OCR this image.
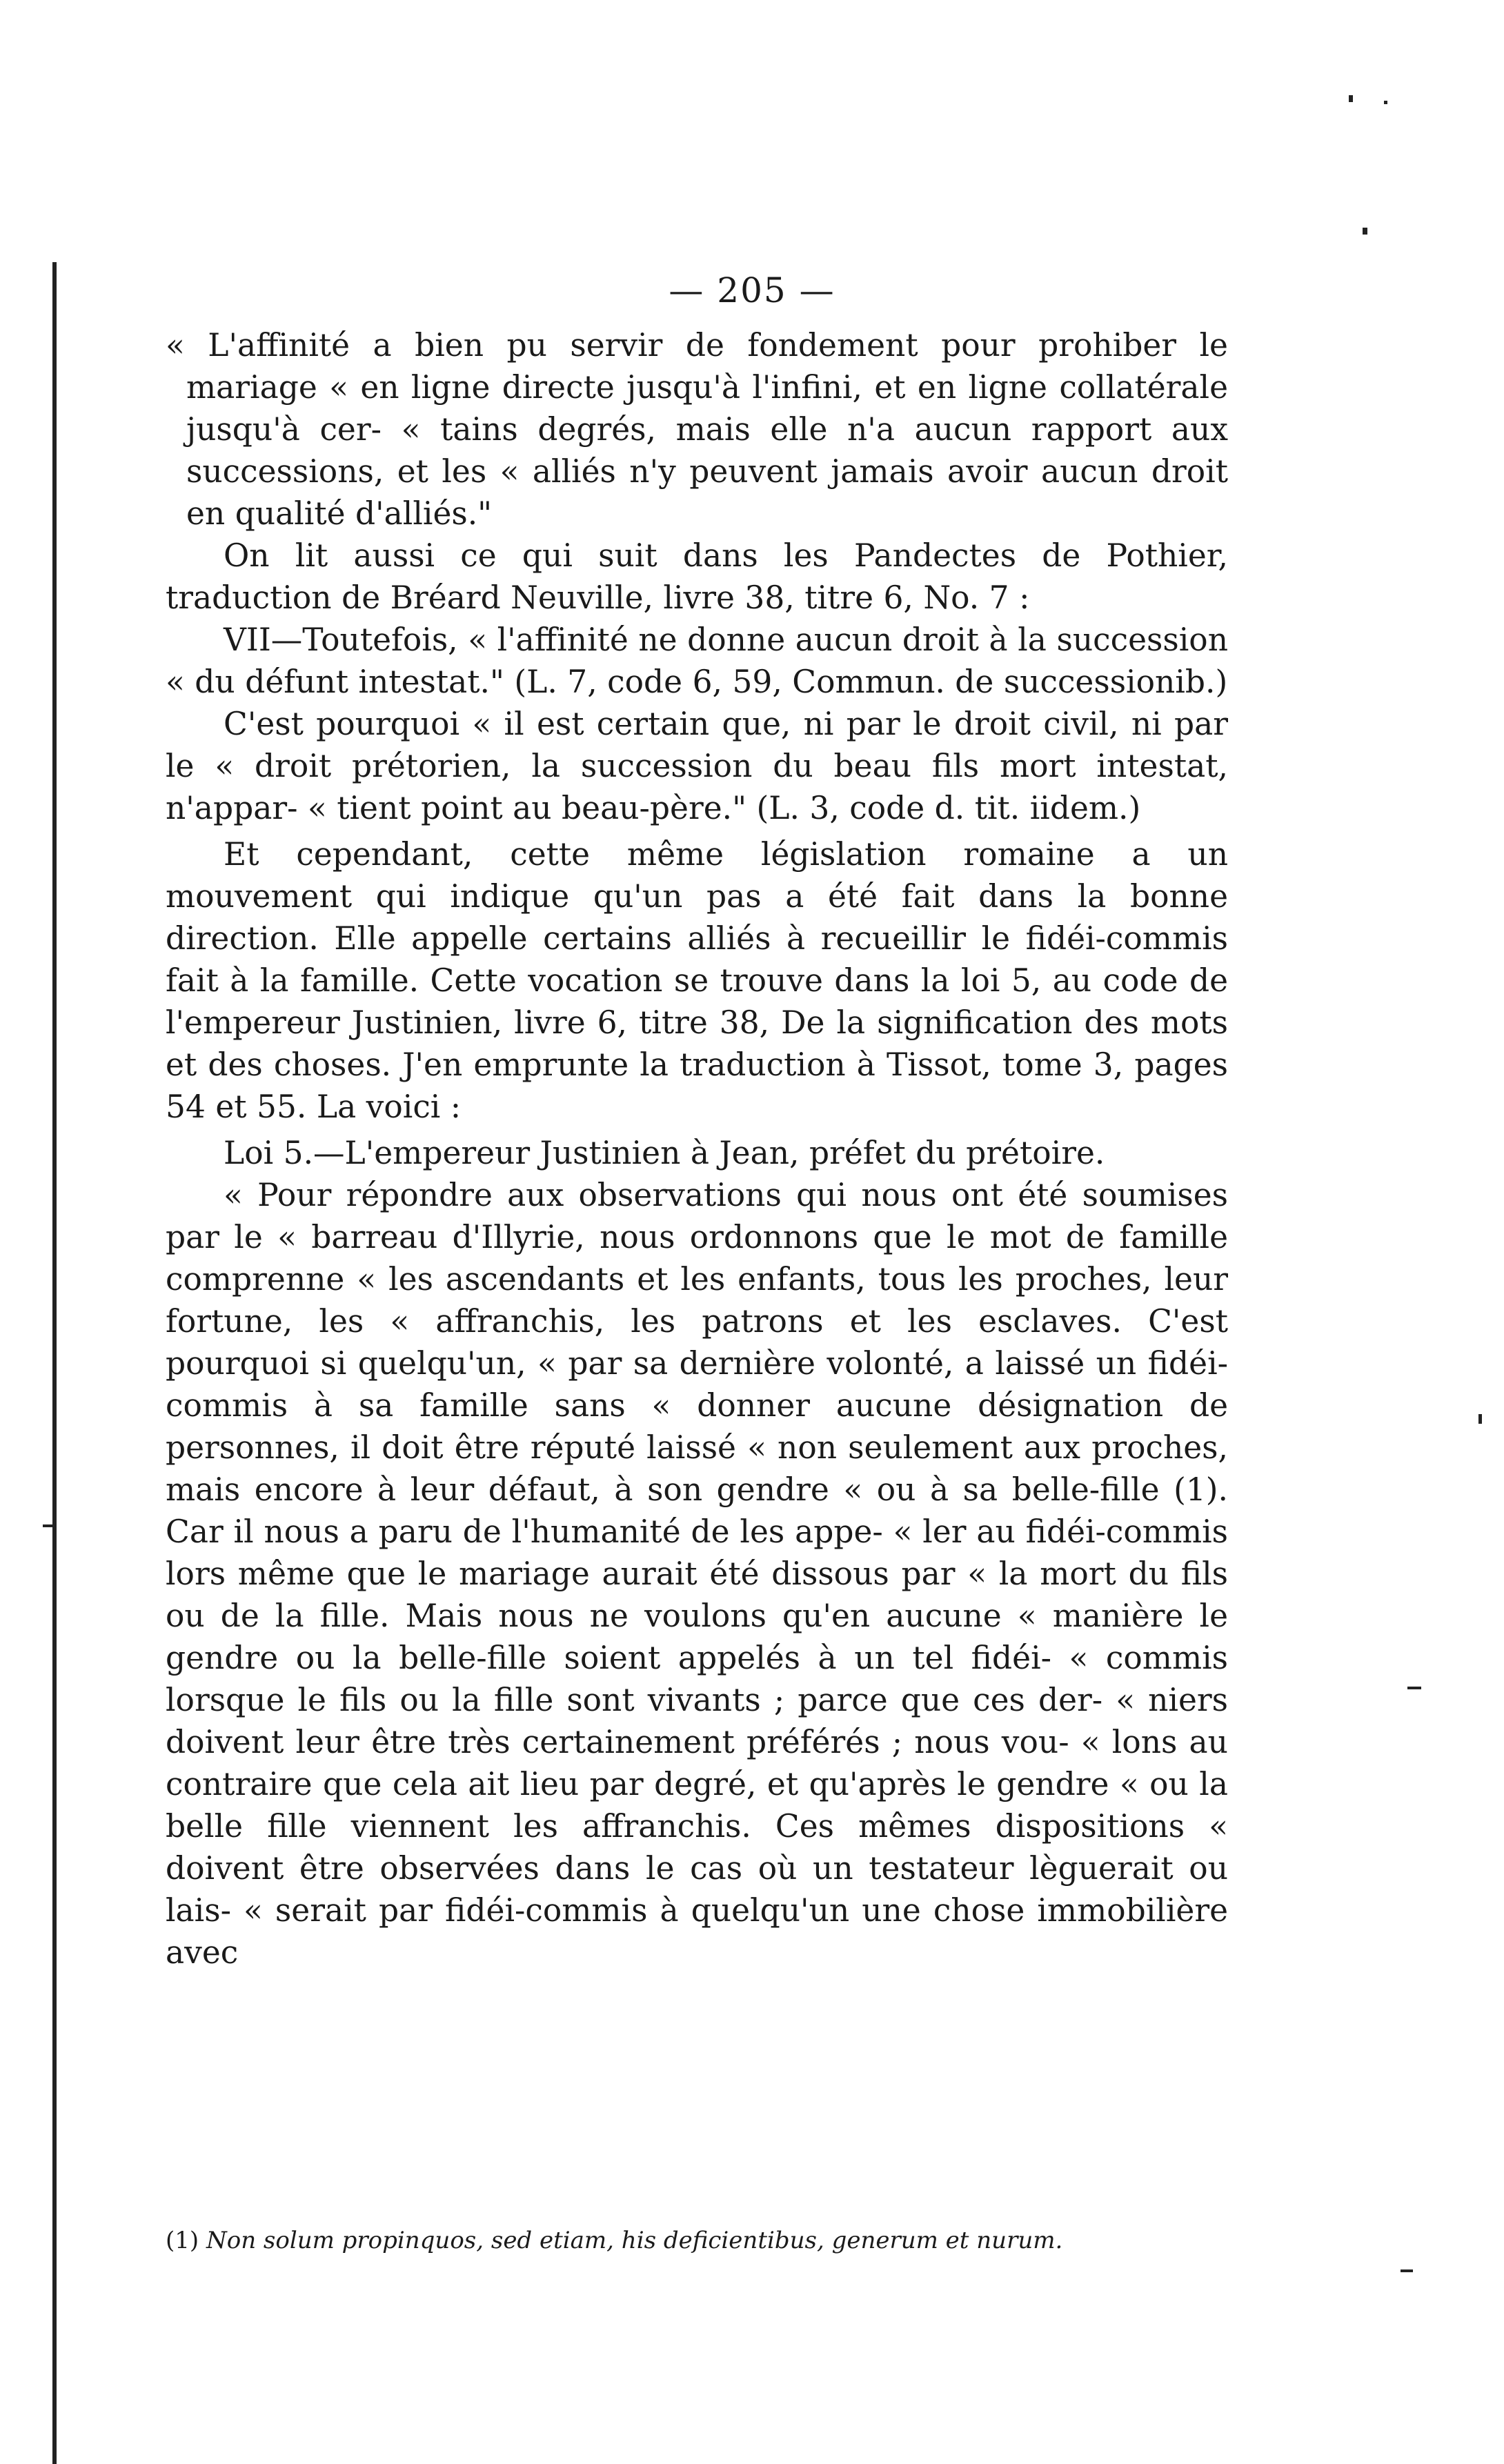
— 205 —

« L'affinité a bien pu servir de fondement pour prohiber le mariage « en ligne directe jusqu'à l'infini, et en ligne collatérale jusqu'à cer- « tains degrés, mais elle n'a aucun rapport aux successions, et les « alliés n'y peuvent jamais avoir aucun droit en qualité d'alliés."

On lit aussi ce qui suit dans les Pandectes de Pothier, traduction de Bréard Neuville, livre 38, titre 6, No. 7 :

VII—Toutefois, « l'affinité ne donne aucun droit à la succession « du défunt intestat." (L. 7, code 6, 59, Commun. de successionib.)

C'est pourquoi « il est certain que, ni par le droit civil, ni par le « droit prétorien, la succession du beau fils mort intestat, n'appar- « tient point au beau-père." (L. 3, code d. tit. iidem.)

Et cependant, cette même législation romaine a un mouvement qui indique qu'un pas a été fait dans la bonne direction. Elle appelle certains alliés à recueillir le fidéi-commis fait à la famille. Cette vocation se trouve dans la loi 5, au code de l'empereur Justinien, livre 6, titre 38, De la signification des mots et des choses. J'en emprunte la traduction à Tissot, tome 3, pages 54 et 55. La voici :

Loi 5.—L'empereur Justinien à Jean, préfet du prétoire.

« Pour répondre aux observations qui nous ont été soumises par le « barreau d'Illyrie, nous ordonnons que le mot de famille comprenne « les ascendants et les enfants, tous les proches, leur fortune, les « affranchis, les patrons et les esclaves. C'est pourquoi si quelqu'un, « par sa dernière volonté, a laissé un fidéi-commis à sa famille sans « donner aucune désignation de personnes, il doit être réputé laissé « non seulement aux proches, mais encore à leur défaut, à son gendre « ou à sa belle-fille (1). Car il nous a paru de l'humanité de les appe- « ler au fidéi-commis lors même que le mariage aurait été dissous par « la mort du fils ou de la fille. Mais nous ne voulons qu'en aucune « manière le gendre ou la belle-fille soient appelés à un tel fidéi- « commis lorsque le fils ou la fille sont vivants ; parce que ces der- « niers doivent leur être très certainement préférés ; nous vou- « lons au contraire que cela ait lieu par degré, et qu'après le gendre « ou la belle fille viennent les affranchis. Ces mêmes dispositions « doivent être observées dans le cas où un testateur lèguerait ou lais- « serait par fidéi-commis à quelqu'un une chose immobilière avec

(1) Non solum propinquos, sed etiam, his deficientibus, generum et nurum.
